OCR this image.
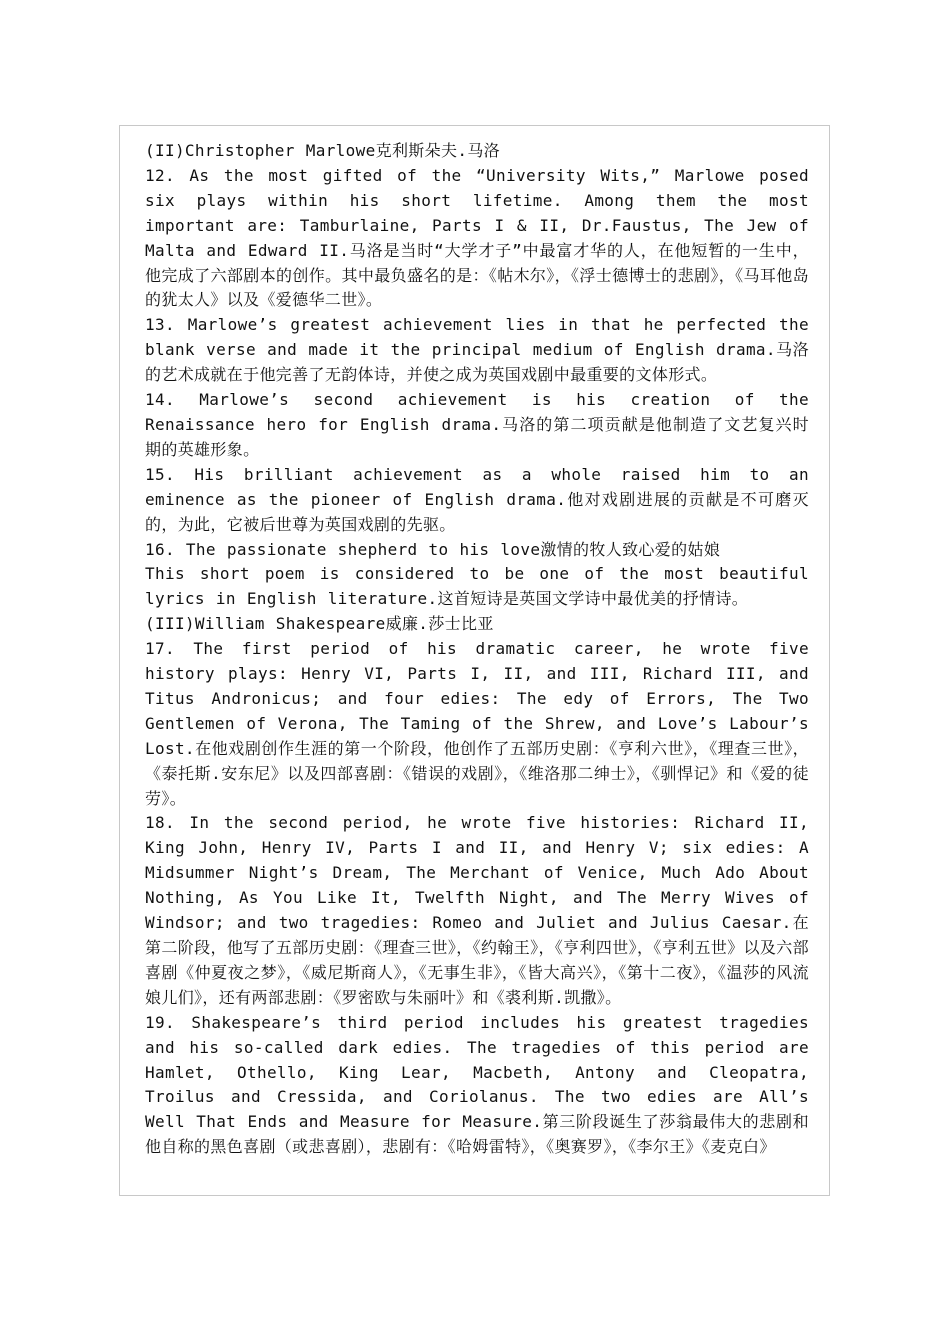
(II)Christopher Marlowe克利斯朵夫.马洛

12. As the most gifted of the “University Wits,” Marlowe posed six plays within his short lifetime. Among them the most important are: Tamburlaine, Parts I & II, Dr.Faustus, The Jew of Malta and Edward II.马洛是当时“大学才子”中最富才华的人，在他短暂的一生中，他完成了六部剧本的创作。其中最负盛名的是：《帖木尔》，《浮士德博士的悲剧》，《马耳他岛的犹太人》以及《爱德华二世》。

13. Marlowe’s greatest achievement lies in that he perfected the blank verse and made it the principal medium of English drama.马洛的艺术成就在于他完善了无韵体诗，并使之成为英国戏剧中最重要的文体形式。

14. Marlowe’s second achievement is his creation of the Renaissance hero for English drama.马洛的第二项贡献是他制造了文艺复兴时期的英雄形象。

15. His brilliant achievement as a whole raised him to an eminence as the pioneer of English drama.他对戏剧进展的贡献是不可磨灭的，为此，它被后世尊为英国戏剧的先驱。

16. The passionate shepherd to his love激情的牧人致心爱的姑娘

This short poem is considered to be one of the most beautiful lyrics in English literature.这首短诗是英国文学诗中最优美的抒情诗。

(III)William Shakespeare威廉.莎士比亚

17. The first period of his dramatic career, he wrote five history plays: Henry VI, Parts I, II, and III, Richard III, and Titus Andronicus; and four edies: The edy of Errors, The Two Gentlemen of Verona, The Taming of the Shrew, and Love’s Labour’s Lost.在他戏剧创作生涯的第一个阶段，他创作了五部历史剧：《亨利六世》，《理查三世》，《泰托斯.安东尼》以及四部喜剧：《错误的戏剧》，《维洛那二绅士》，《驯悍记》和《爱的徒劳》。

18. In the second period, he wrote five histories: Richard II, King John, Henry IV, Parts I and II, and Henry V; six edies: A Midsummer Night’s Dream, The Merchant of Venice, Much Ado About Nothing, As You Like It, Twelfth Night, and The Merry Wives of Windsor; and two tragedies: Romeo and Juliet and Julius Caesar.在第二阶段，他写了五部历史剧：《理查三世》，《约翰王》，《亨利四世》，《亨利五世》以及六部喜剧《仲夏夜之梦》，《威尼斯商人》，《无事生非》，《皆大高兴》，《第十二夜》，《温莎的风流娘儿们》，还有两部悲剧：《罗密欧与朱丽叶》和《裘利斯.凯撒》。

19. Shakespeare’s third period includes his greatest tragedies and his so-called dark edies. The tragedies of this period are Hamlet, Othello, King Lear, Macbeth, Antony and Cleopatra, Troilus and Cressida, and Coriolanus. The two edies are All’s Well That Ends and Measure for Measure.第三阶段诞生了莎翁最伟大的悲剧和他自称的黑色喜剧（或悲喜剧），悲剧有：《哈姆雷特》，《奥赛罗》，《李尔王》《麦克白》
